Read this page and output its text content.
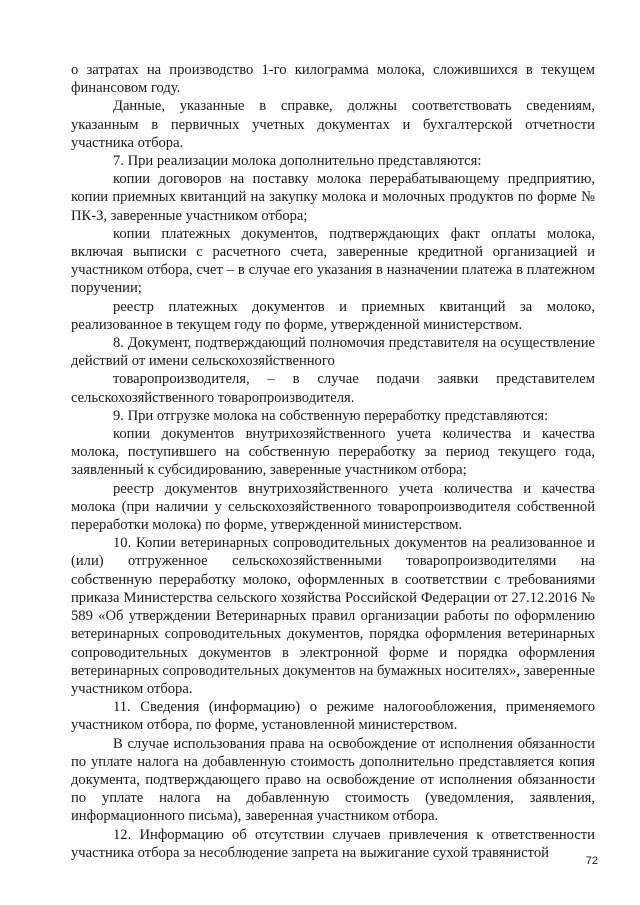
о затратах на производство 1-го килограмма молока, сложившихся в текущем финансовом году.

Данные, указанные в справке, должны соответствовать сведениям, указанным в первичных учетных документах и бухгалтерской отчетности участника отбора.

7. При реализации молока дополнительно представляются:

копии договоров на поставку молока перерабатывающему предприятию, копии приемных квитанций на закупку молока и молочных продуктов по форме № ПК-3, заверенные участником отбора;

копии платежных документов, подтверждающих факт оплаты молока, включая выписки с расчетного счета, заверенные кредитной организацией и участником отбора, счет – в случае его указания в назначении платежа в платежном поручении;

реестр платежных документов и приемных квитанций за молоко, реализованное в текущем году по форме, утвержденной министерством.

8. Документ, подтверждающий полномочия представителя на осуществление действий от имени сельскохозяйственного

товаропроизводителя, – в случае подачи заявки представителем сельскохозяйственного товаропроизводителя.

9. При отгрузке молока на собственную переработку представляются:

копии документов внутрихозяйственного учета количества и качества молока, поступившего на собственную переработку за период текущего года, заявленный к субсидированию, заверенные участником отбора;

реестр документов внутрихозяйственного учета количества и качества молока (при наличии у сельскохозяйственного товаропроизводителя собственной переработки молока) по форме, утвержденной министерством.

10. Копии ветеринарных сопроводительных документов на реализованное и (или) отгруженное сельскохозяйственными товаропроизводителями на собственную переработку молоко, оформленных в соответствии с требованиями приказа Министерства сельского хозяйства Российской Федерации от 27.12.2016 № 589 «Об утверждении Ветеринарных правил организации работы по оформлению ветеринарных сопроводительных документов, порядка оформления ветеринарных сопроводительных документов в электронной форме и порядка оформления ветеринарных сопроводительных документов на бумажных носителях», заверенные участником отбора.

11. Сведения (информацию) о режиме налогообложения, применяемого участником отбора, по форме, установленной министерством.

В случае использования права на освобождение от исполнения обязанности по уплате налога на добавленную стоимость дополнительно представляется копия документа, подтверждающего право на освобождение от исполнения обязанности по уплате налога на добавленную стоимость (уведомления, заявления, информационного письма), заверенная участником отбора.

12. Информацию об отсутствии случаев привлечения к ответственности участника отбора за несоблюдение запрета на выжигание сухой травянистой

72
